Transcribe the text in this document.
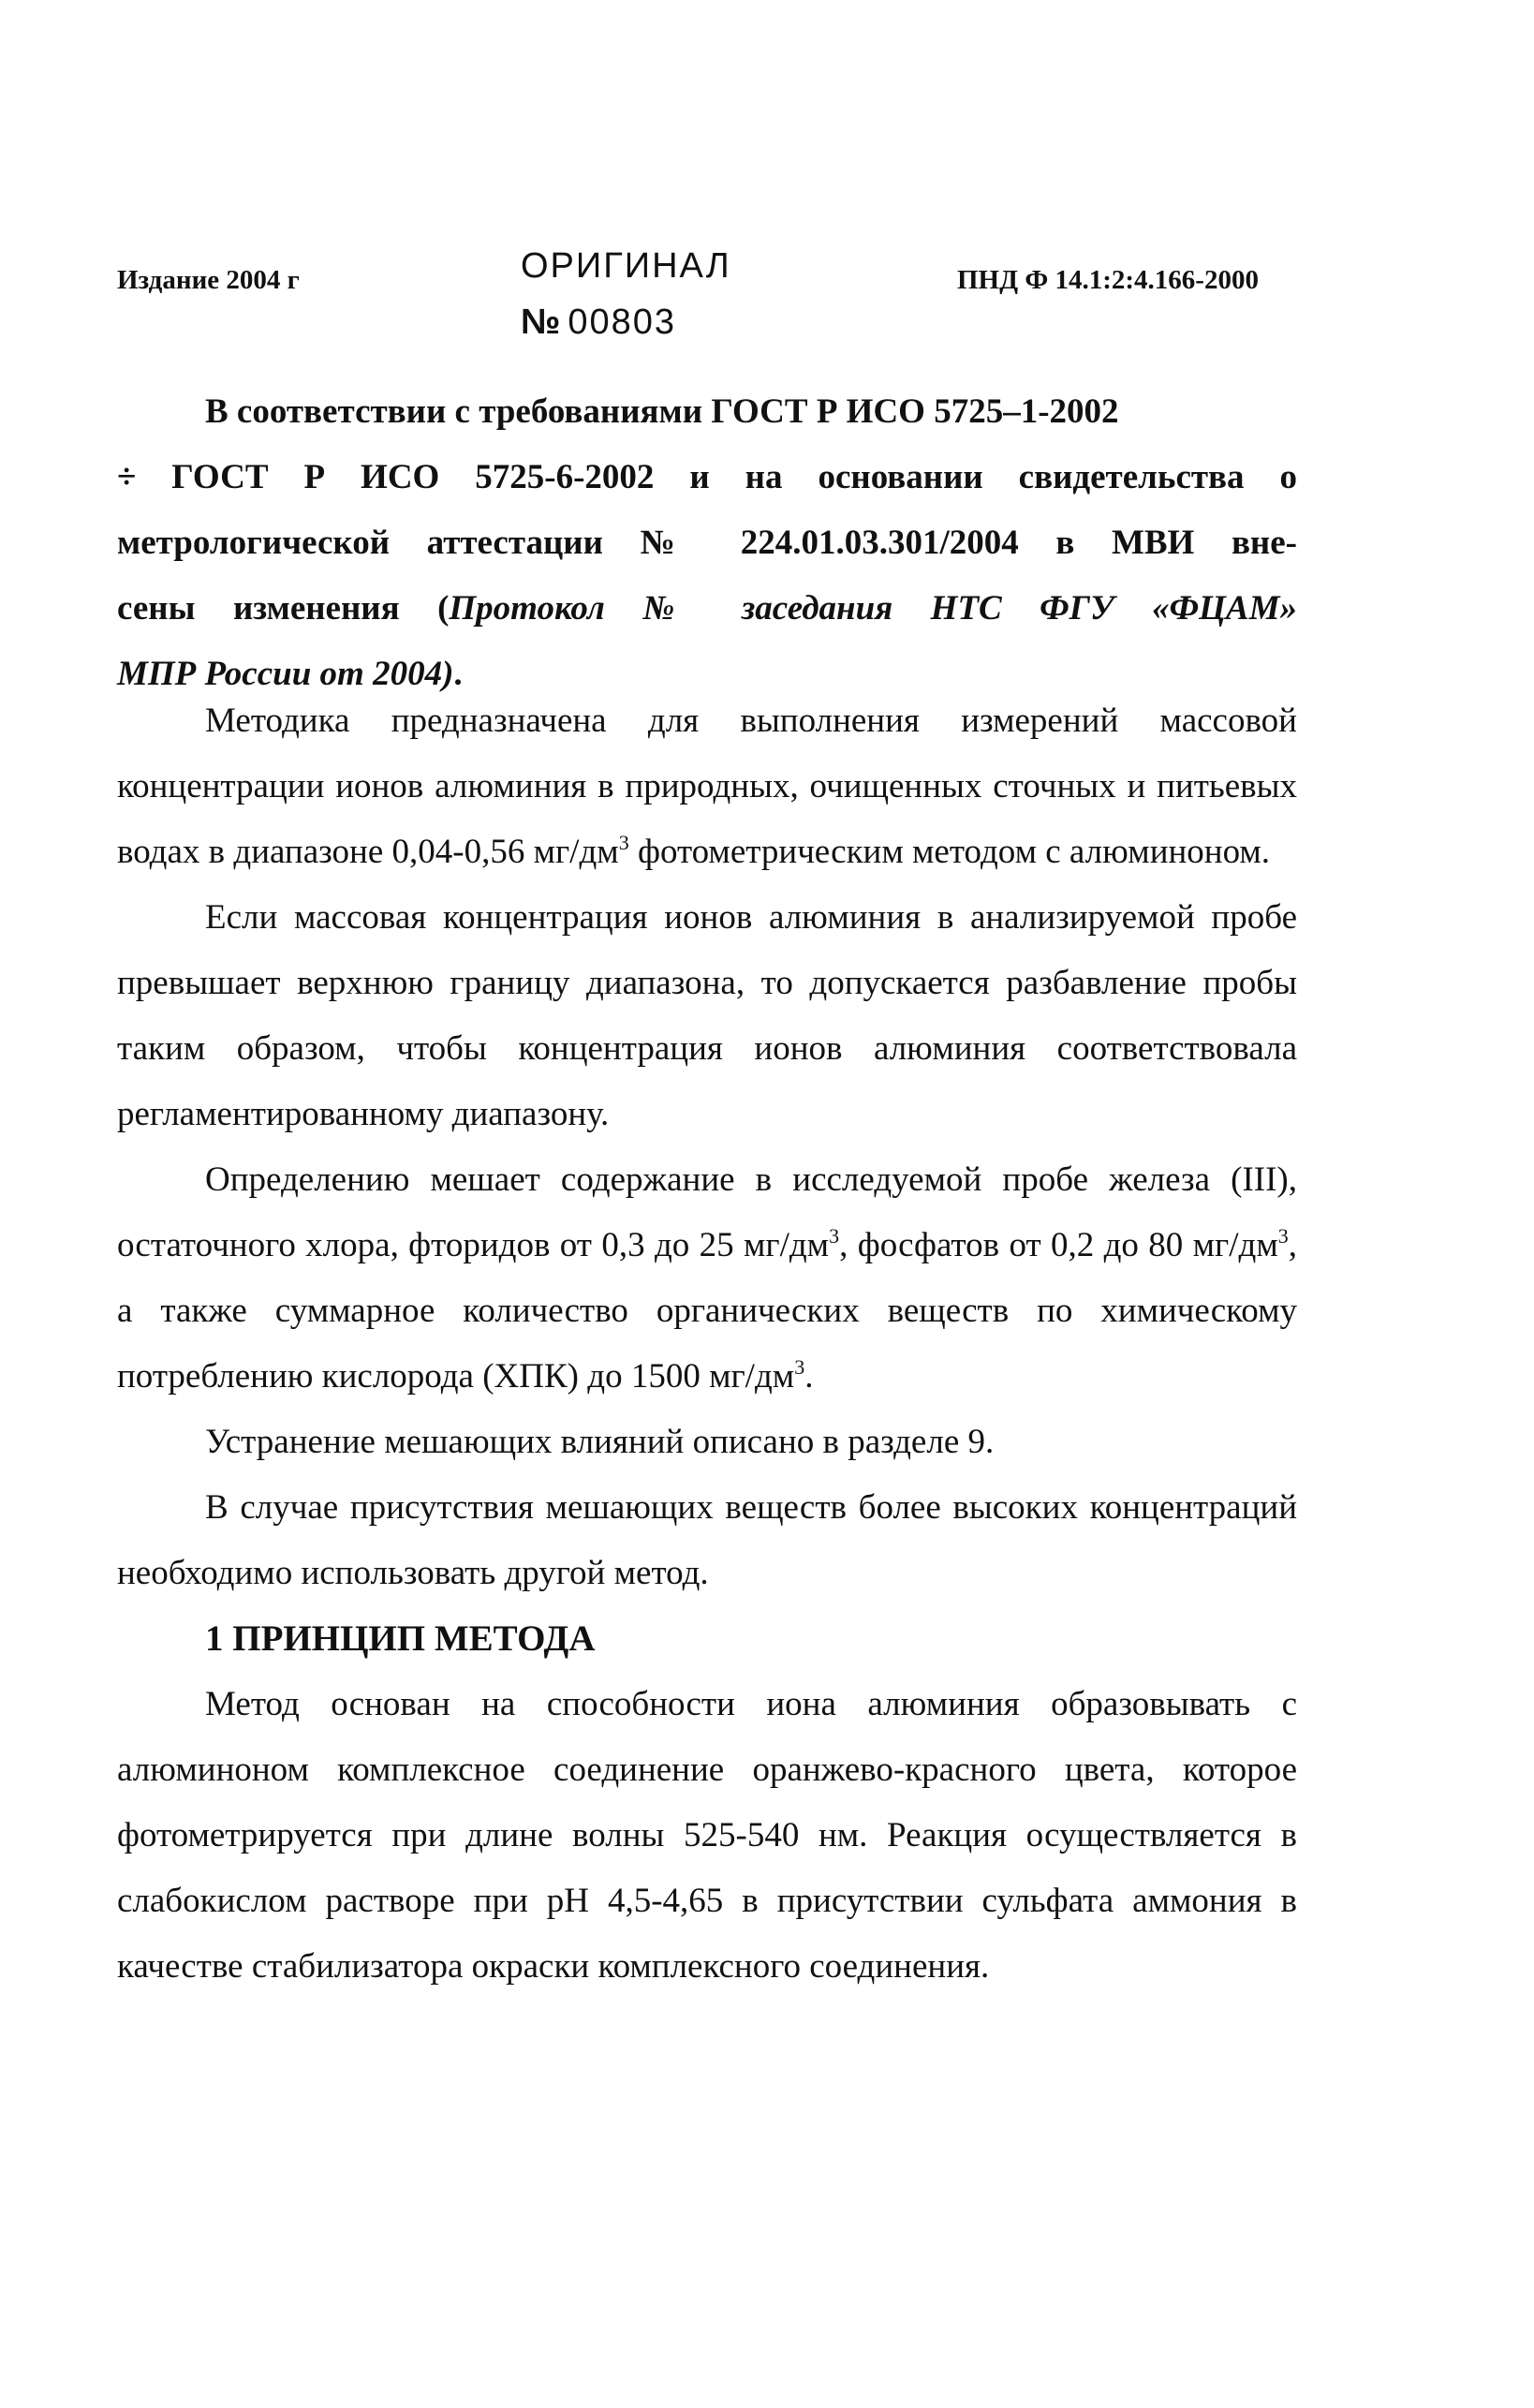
Издание 2004 г	ОРИГИНАЛ
№ 00803
ПНД Ф 14.1:2:4.166-2000

В соответствии с требованиями ГОСТ Р ИСО 5725–1-2002

÷ ГОСТ Р ИСО 5725-6-2002 и на основании свидетельства о

метрологической аттестации № 224.01.03.301/2004 в МВИ вне-

сены изменения (Протокол № заседания НТС ФГУ «ФЦАМ»

МПР России от 2004).

Методика предназначена для выполнения измерений массовой концентрации ионов алюминия в природных, очищенных сточных и питьевых водах в диапазоне 0,04-0,56 $мг/дм^3$ фотометрическим методом с алюминоном.

Если массовая концентрация ионов алюминия в анализируемой пробе превышает верхнюю границу диапазона, то допускается разбавление пробы таким образом, чтобы концентрация ионов алюминия соответствовала регламентированному диапазону.

Определению мешает содержание в исследуемой пробе железа (III), остаточного хлора, фторидов от 0,3 до 25 $мг/дм^3$, фосфатов от 0,2 до 80 $мг/дм^3$, а также суммарное количество органических веществ по химическому потреблению кислорода (ХПК) до 1500 $мг/дм^3$.

Устранение мешающих влияний описано в разделе 9.

В случае присутствия мешающих веществ более высоких концентраций необходимо использовать другой метод.

1 ПРИНЦИП МЕТОДА

Метод основан на способности иона алюминия образовывать с алюминоном комплексное соединение оранжево-красного цвета, которое фотометрируется при длине волны 525-540 нм. Реакция осуществляется в слабокислом растворе при pH 4,5-4,65 в присутствии сульфата аммония в качестве стабилизатора окраски комплексного соединения.
